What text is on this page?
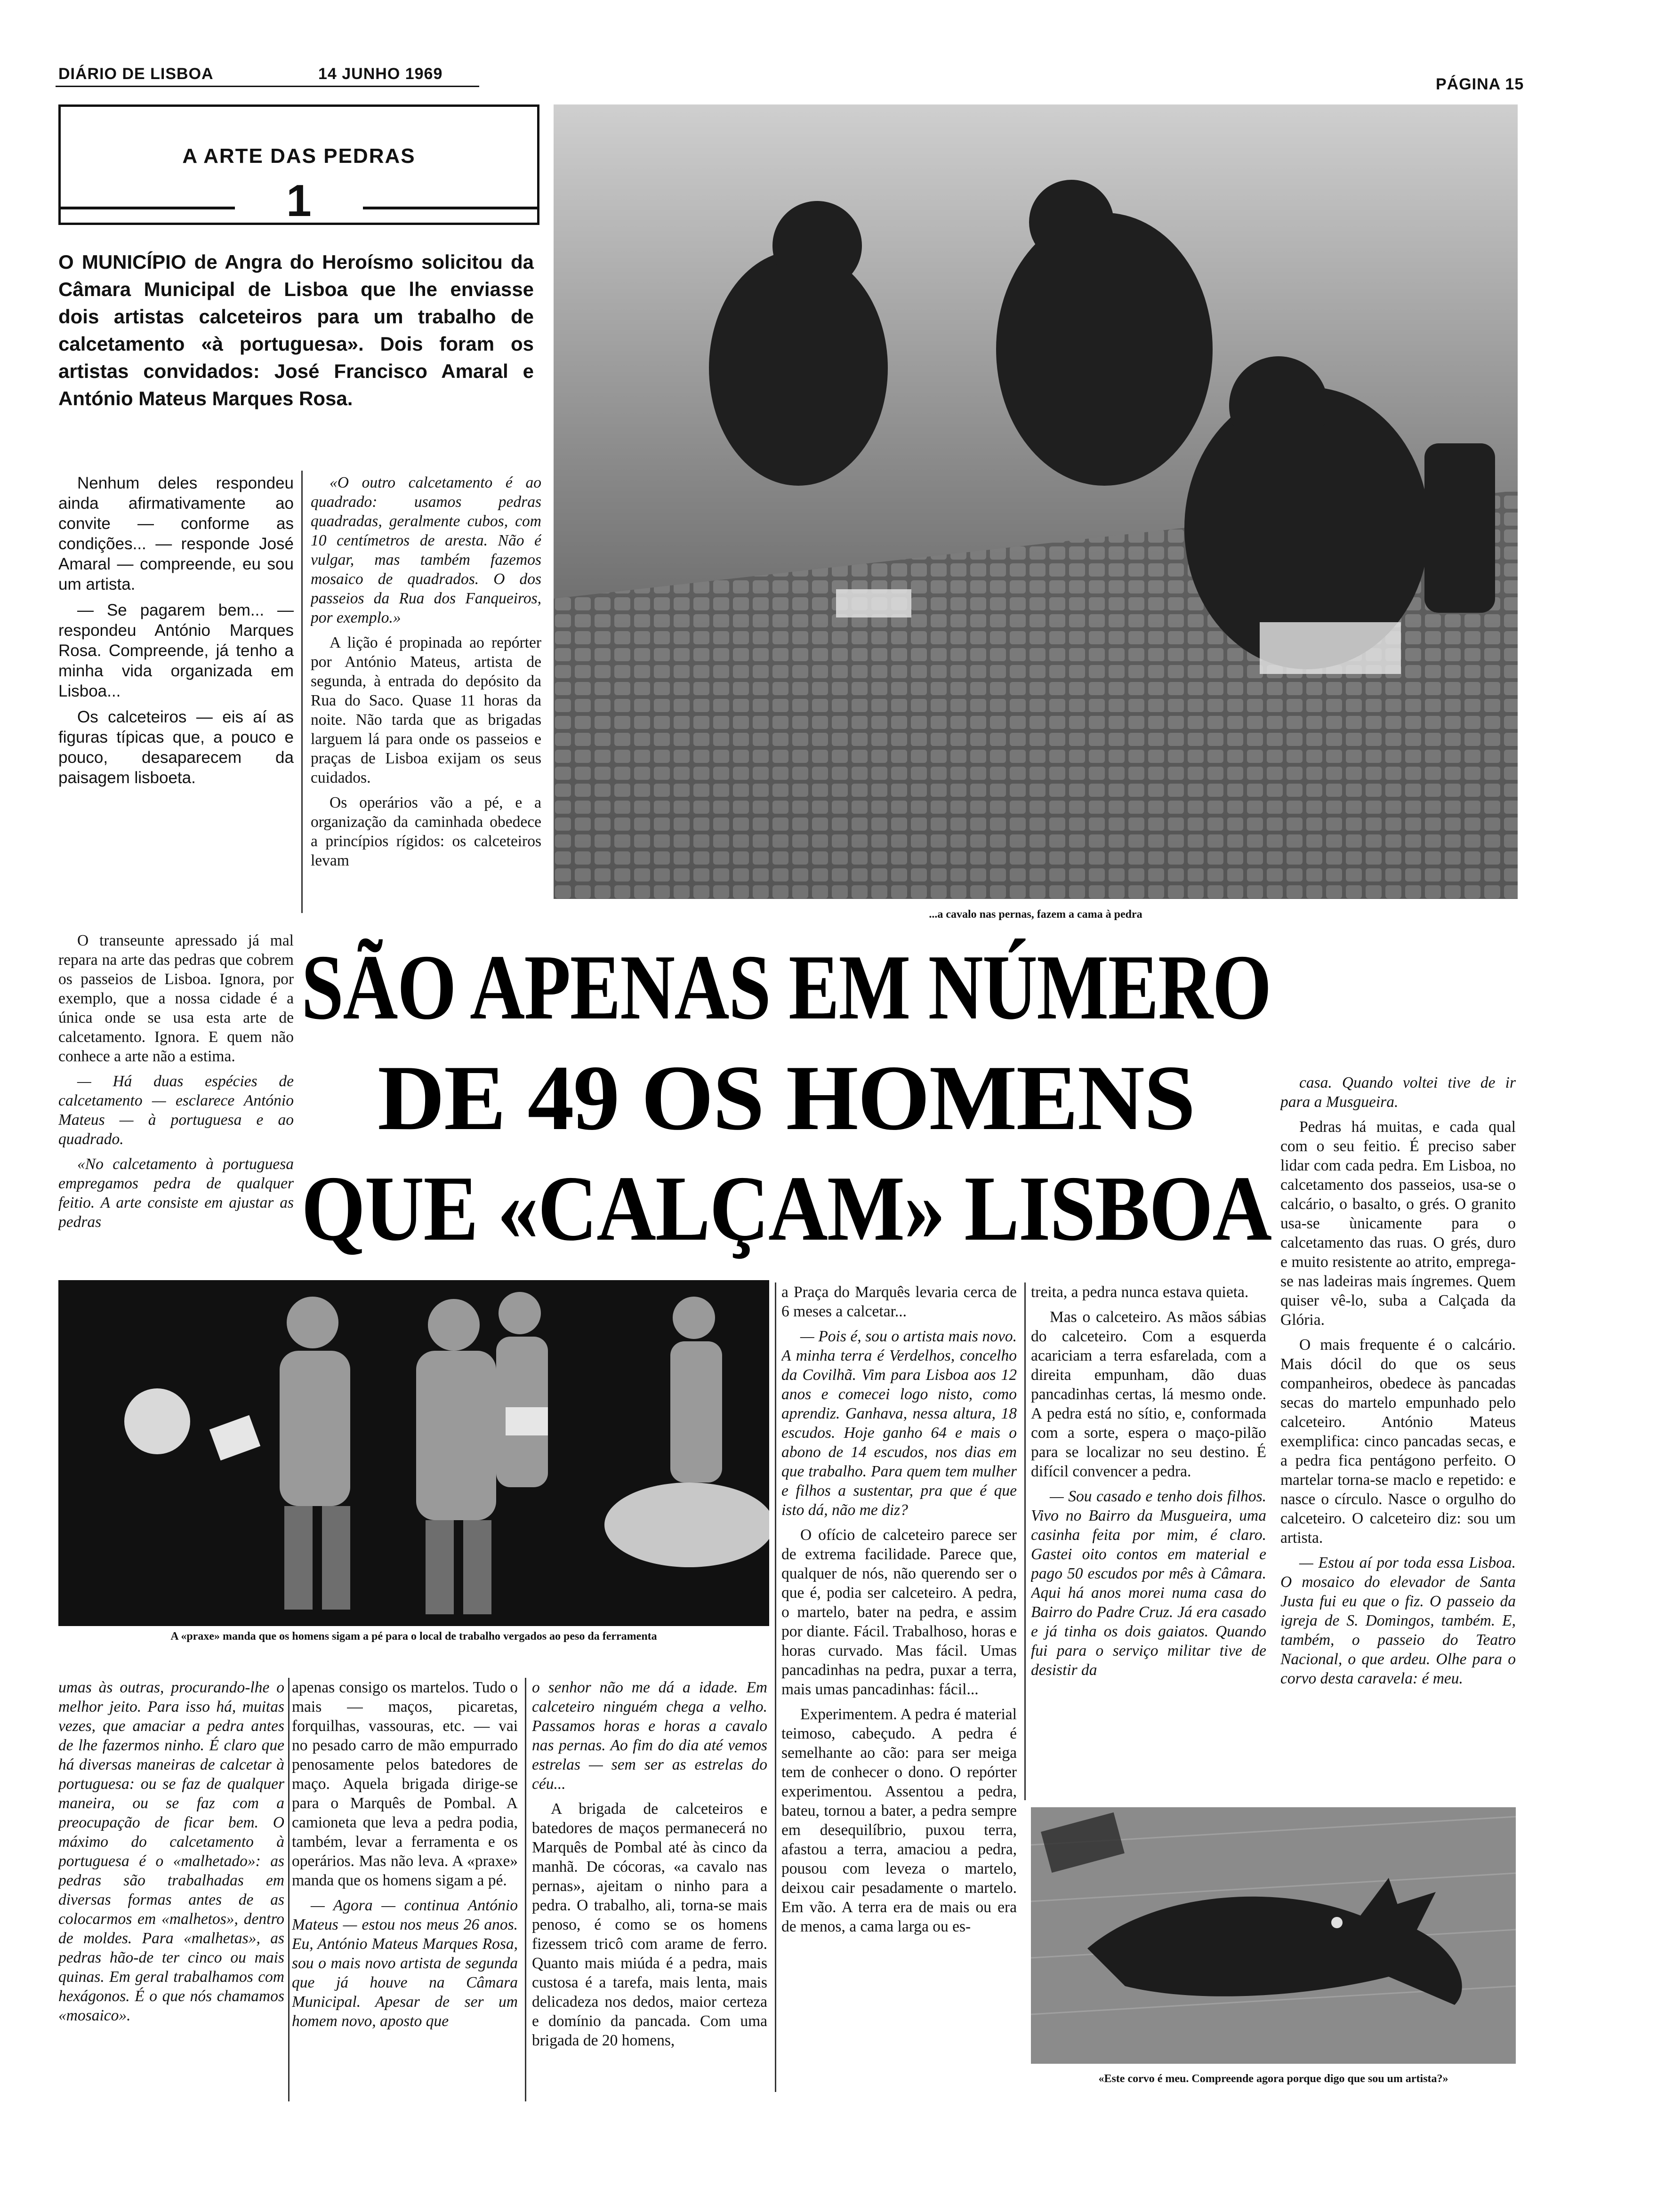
DIÁRIO DE LISBOA	14 JUNHO 1969
PÁGINA 15
A ARTE DAS PEDRAS
1
O MUNICÍPIO de Angra do Heroísmo solicitou da Câmara Municipal de Lisboa que lhe enviasse dois artistas calceteiros para um trabalho de calcetamento «à portuguesa». Dois foram os artistas convidados: José Francisco Amaral e António Mateus Marques Rosa.
...a cavalo nas pernas, fazem a cama à pedra

Nenhum deles respondeu ainda afirmativamente ao convite — conforme as condições... — responde José Amaral — compreende, eu sou um artista.

— Se pagarem bem... — respondeu António Marques Rosa. Compreende, já tenho a minha vida organizada em Lisboa...

Os calceteiros — eis aí as figuras típicas que, a pouco e pouco, desaparecem da paisagem lisboeta.

«O outro calcetamento é ao quadrado: usamos pedras quadradas, geralmente cubos, com 10 centímetros de aresta. Não é vulgar, mas também fazemos mosaico de quadrados. O dos passeios da Rua dos Fanqueiros, por exemplo.»

A lição é propinada ao repórter por António Mateus, artista de segunda, à entrada do depósito da Rua do Saco. Quase 11 horas da noite. Não tarda que as brigadas larguem lá para onde os passeios e praças de Lisboa exijam os seus cuidados.

Os operários vão a pé, e a organização da caminhada obedece a princípios rígidos: os calceteiros levam

O transeunte apressado já mal repara na arte das pedras que cobrem os passeios de Lisboa. Ignora, por exemplo, que a nossa cidade é a única onde se usa esta arte de calcetamento. Ignora. E quem não conhece a arte não a estima.

— Há duas espécies de calcetamento — esclarece António Mateus — à portuguesa e ao quadrado.

«No calcetamento à portuguesa empregamos pedra de qualquer feitio. A arte consiste em ajustar as pedras

SÃO APENAS EM NÚMERO
DE 49 OS HOMENS
QUE «CALÇAM» LISBOA

casa. Quando voltei tive de ir para a Musgueira.

Pedras há muitas, e cada qual com o seu feitio. É preciso saber lidar com cada pedra. Em Lisboa, no calcetamento dos passeios, usa-se o calcário, o basalto, o grés. O granito usa-se ùnicamente para o calcetamento das ruas. O grés, duro e muito resistente ao atrito, emprega-se nas ladeiras mais íngremes. Quem quiser vê-lo, suba a Calçada da Glória.

O mais frequente é o calcário. Mais dócil do que os seus companheiros, obedece às pancadas secas do martelo empunhado pelo calceteiro. António Mateus exemplifica: cinco pancadas secas, e a pedra fica pentágono perfeito. O martelar torna-se maclo e repetido: e nasce o círculo. Nasce o orgulho do calceteiro. O calceteiro diz: sou um artista.

— Estou aí por toda essa Lisboa. O mosaico do elevador de Santa Justa fui eu que o fiz. O passeio da igreja de S. Domingos, também. E, também, o passeio do Teatro Nacional, o que ardeu. Olhe para o corvo desta caravela: é meu.

A «praxe» manda que os homens sigam a pé para o local de trabalho vergados ao peso da ferramenta

a Praça do Marquês levaria cerca de 6 meses a calcetar...

— Pois é, sou o artista mais novo. A minha terra é Verdelhos, concelho da Covilhã. Vim para Lisboa aos 12 anos e comecei logo nisto, como aprendiz. Ganhava, nessa altura, 18 escudos. Hoje ganho 64 e mais o abono de 14 escudos, nos dias em que trabalho. Para quem tem mulher e filhos a sustentar, pra que é que isto dá, não me diz?

O ofício de calceteiro parece ser de extrema facilidade. Parece que, qualquer de nós, não querendo ser o que é, podia ser calceteiro. A pedra, o martelo, bater na pedra, e assim por diante. Fácil. Trabalhoso, horas e horas curvado. Mas fácil. Umas pancadinhas na pedra, puxar a terra, mais umas pancadinhas: fácil...

Experimentem. A pedra é material teimoso, cabeçudo. A pedra é semelhante ao cão: para ser meiga tem de conhecer o dono. O repórter experimentou. Assentou a pedra, bateu, tornou a bater, a pedra sempre em desequilíbrio, puxou terra, afastou a terra, amaciou a pedra, pousou com leveza o martelo, deixou cair pesadamente o martelo. Em vão. A terra era de mais ou era de menos, a cama larga ou es-

treita, a pedra nunca estava quieta.

Mas o calceteiro. As mãos sábias do calceteiro. Com a esquerda acariciam a terra esfarelada, com a direita empunham, dão duas pancadinhas certas, lá mesmo onde. A pedra está no sítio, e, conformada com a sorte, espera o maço-pilão para se localizar no seu destino. É difícil convencer a pedra.

— Sou casado e tenho dois filhos. Vivo no Bairro da Musgueira, uma casinha feita por mim, é claro. Gastei oito contos em material e pago 50 escudos por mês à Câmara. Aqui há anos morei numa casa do Bairro do Padre Cruz. Já era casado e já tinha os dois gaiatos. Quando fui para o serviço militar tive de desistir da

umas às outras, procurando-lhe o melhor jeito. Para isso há, muitas vezes, que amaciar a pedra antes de lhe fazermos ninho. É claro que há diversas maneiras de calcetar à portuguesa: ou se faz de qualquer maneira, ou se faz com a preocupação de ficar bem. O máximo do calcetamento à portuguesa é o «malhetado»: as pedras são trabalhadas em diversas formas antes de as colocarmos em «malhetos», dentro de moldes. Para «malhetas», as pedras hão-de ter cinco ou mais quinas. Em geral trabalhamos com hexágonos. É o que nós chamamos «mosaico».

apenas consigo os martelos. Tudo o mais — maços, picaretas, forquilhas, vassouras, etc. — vai no pesado carro de mão empurrado penosamente pelos batedores de maço. Aquela brigada dirige-se para o Marquês de Pombal. A camioneta que leva a pedra podia, também, levar a ferramenta e os operários. Mas não leva. A «praxe» manda que os homens sigam a pé.

— Agora — continua António Mateus — estou nos meus 26 anos. Eu, António Mateus Marques Rosa, sou o mais novo artista de segunda que já houve na Câmara Municipal. Apesar de ser um homem novo, aposto que

o senhor não me dá a idade. Em calceteiro ninguém chega a velho. Passamos horas e horas a cavalo nas pernas. Ao fim do dia até vemos estrelas — sem ser as estrelas do céu...

A brigada de calceteiros e batedores de maços permanecerá no Marquês de Pombal até às cinco da manhã. De cócoras, «a cavalo nas pernas», ajeitam o ninho para a pedra. O trabalho, ali, torna-se mais penoso, é como se os homens fizessem tricô com arame de ferro. Quanto mais miúda é a pedra, mais custosa é a tarefa, mais lenta, mais delicadeza nos dedos, maior certeza e domínio da pancada. Com uma brigada de 20 homens,

«Este corvo é meu. Compreende agora porque digo que sou um artista?»
